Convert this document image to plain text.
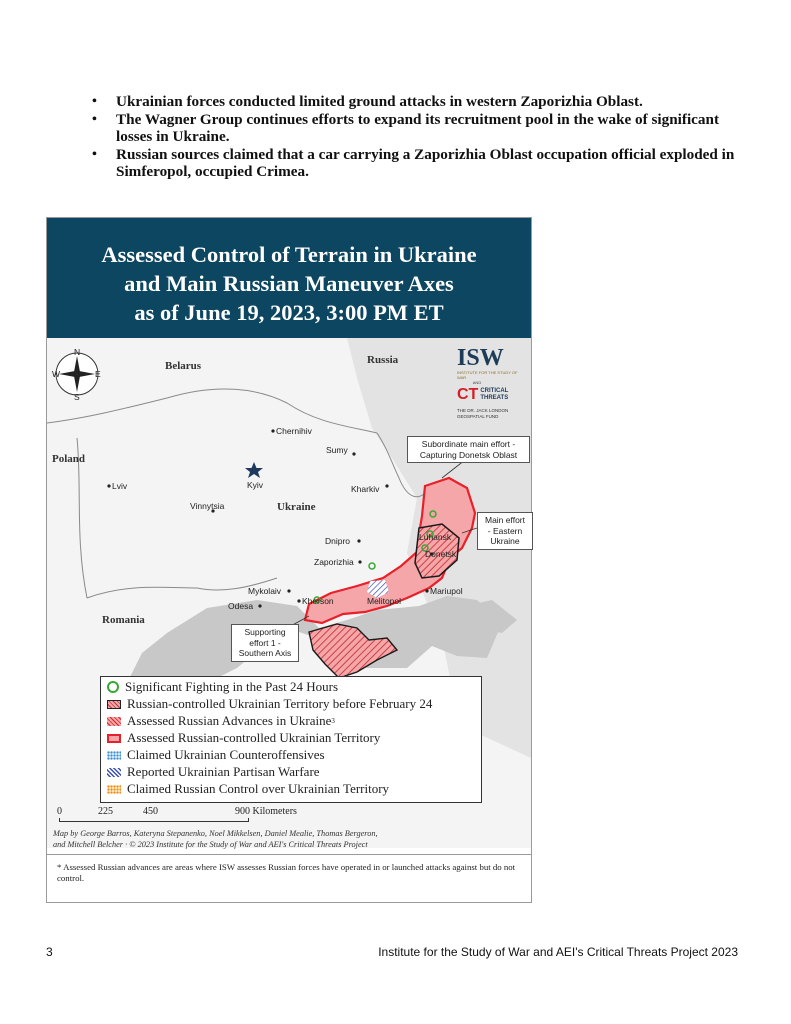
• Ukrainian forces conducted limited ground attacks in western Zaporizhia Oblast.
• The Wagner Group continues efforts to expand its recruitment pool in the wake of significant losses in Ukraine.
• Russian sources claimed that a car carrying a Zaporizhia Oblast occupation official exploded in Simferopol, occupied Crimea.
Assessed Control of Terrain in Ukraine
and Main Russian Maneuver Axes
as of June 19, 2023, 3:00 PM ET
N
S
W	E
Belarus	Russia
Poland
Ukraine
Romania
Chernihiv
Sumy
Kyiv
Lviv
Vinnytsia
Kharkiv
Dnipro
Zaporizhia
Luhansk
Donetsk
Mykolaiv
Odesa	Kherson	Melitopol
Mariupol
ISW
INSTITUTE FOR THE STUDY OF WAR
AND
CT CRITICAL
THREATS
THE DR. JACK LONDON
GEOSPATIAL FUND
Subordinate main effort -
Capturing Donetsk Oblast
Main effort
- Eastern
Ukraine
Supporting
effort 1 -
Southern Axis
Significant Fighting in the Past 24 Hours
Russian-controlled Ukrainian Territory before February 24
Assessed Russian Advances in Ukraine 3
Assessed Russian-controlled Ukrainian Territory
Claimed Ukrainian Counteroffensives
Reported Ukrainian Partisan Warfare
Claimed Russian Control over Ukrainian Territory
0	225	450	900 Kilometers
Map by George Barros, Kateryna Stepanenko, Noel Mikkelsen, Daniel Mealie, Thomas Bergeron,
and Mitchell Belcher · © 2023 Institute for the Study of War and AEI's Critical Threats Project
* Assessed Russian advances are areas where ISW assesses Russian forces have operated in or launched attacks against but do not control.
3	Institute for the Study of War and AEI's Critical Threats Project 2023
